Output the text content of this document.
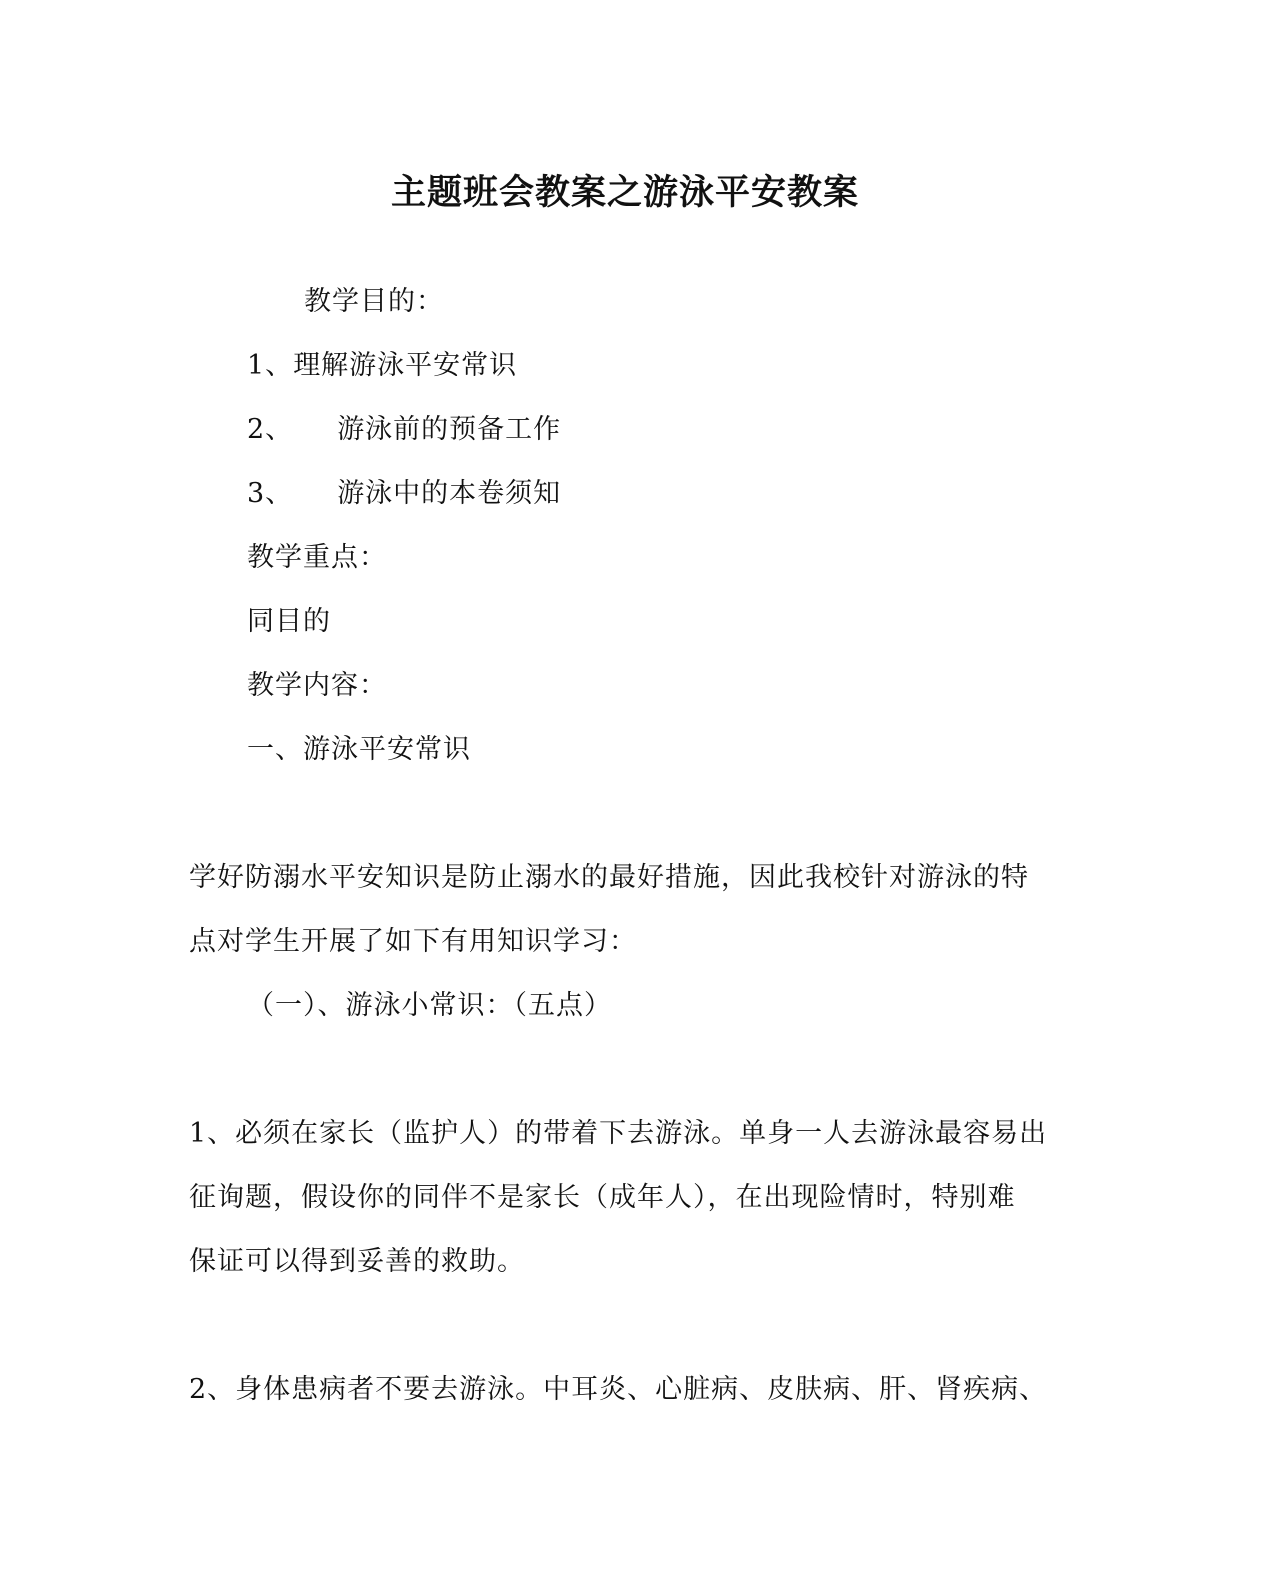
主题班会教案之游泳平安教案
教学目的：
1、理解游泳平安常识
2、 游泳前的预备工作
3、 游泳中的本卷须知
教学重点：
同目的
教学内容：
一、游泳平安常识
学好防溺水平安知识是防止溺水的最好措施，因此我校针对游泳的特
点对学生开展了如下有用知识学习：
（一）、游泳小常识：（五点）
1、必须在家长（监护人）的带着下去游泳。单身一人去游泳最容易出
征询题，假设你的同伴不是家长（成年人），在出现险情时，特别难
保证可以得到妥善的救助。
2、身体患病者不要去游泳。中耳炎、心脏病、皮肤病、肝、肾疾病、
